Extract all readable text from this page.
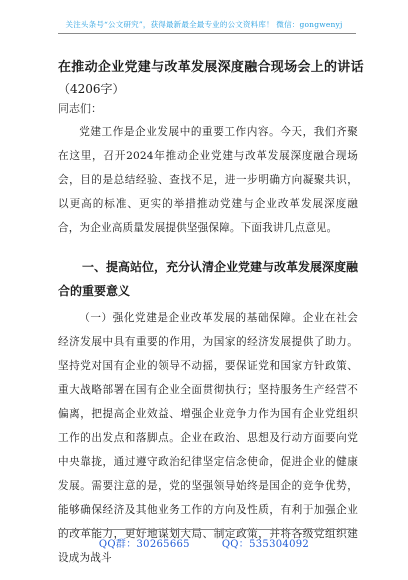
关注头条号“公文研究”，获得最新最全最专业的公文资料库！ 微信：gongwenyj
在推动企业党建与改革发展深度融合现场会上的讲话
（4206字）
同志们：
党建工作是企业发展中的重要工作内容。今天，我们齐聚在这里，召开2024年推动企业党建与改革发展深度融合现场会，目的是总结经验、查找不足，进一步明确方向凝聚共识，以更高的标准、更实的举措推动党建与企业改革发展深度融合，为企业高质量发展提供坚强保障。下面我讲几点意见。
一、提高站位，充分认清企业党建与改革发展深度融合的重要意义
（一）强化党建是企业改革发展的基础保障。企业在社会经济发展中具有重要的作用，为国家的经济发展提供了助力。坚持党对国有企业的领导不动摇，要保证党和国家方针政策、重大战略部署在国有企业全面贯彻执行；坚持服务生产经营不偏离，把提高企业效益、增强企业竞争力作为国有企业党组织工作的出发点和落脚点。企业在政治、思想及行动方面要向党中央靠拢，通过遵守政治纪律坚定信念使命，促进企业的健康发展。需要注意的是，党的坚强领导始终是国企的竞争优势，能够确保经济及其他业务工作的方向及性质，有利于加强企业的改革能力，更好地谋划大局、制定政策，并将各级党组织建设成为战斗
QQ群：30265665	QQ：535304092
